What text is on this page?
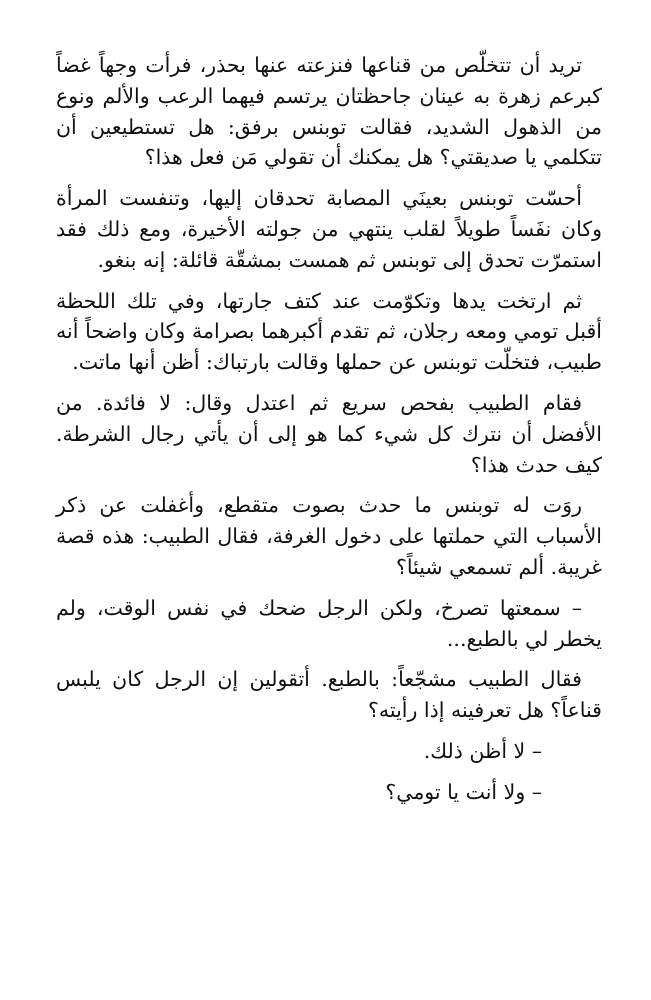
تريد أن تتخلّص من قناعها فنزعته عنها بحذر، فرأت وجهاً غضاً كبرعم زهرة به عينان جاحظتان يرتسم فيهما الرعب والألم ونوع من الذهول الشديد، فقالت توبنس برفق: هل تستطيعين أن تتكلمي يا صديقتي؟ هل يمكنك أن تقولي مَن فعل هذا؟

أحسّت توبنس بعينَي المصابة تحدقان إليها، وتنفست المرأة وكان نفَساً طويلاً لقلب ينتهي من جولته الأخيرة، ومع ذلك فقد استمرّت تحدق إلى توبنس ثم همست بمشقّة قائلة: إنه بنغو.

ثم ارتخت يدها وتكوّمت عند كتف جارتها، وفي تلك اللحظة أقبل تومي ومعه رجلان، ثم تقدم أكبرهما بصرامة وكان واضحاً أنه طبيب، فتخلّت توبنس عن حملها وقالت بارتباك: أظن أنها ماتت.

فقام الطبيب بفحص سريع ثم اعتدل وقال: لا فائدة. من الأفضل أن نترك كل شيء كما هو إلى أن يأتي رجال الشرطة. كيف حدث هذا؟

روَت له توبنس ما حدث بصوت متقطع، وأغفلت عن ذكر الأسباب التي حملتها على دخول الغرفة، فقال الطبيب: هذه قصة غريبة. ألم تسمعي شيئاً؟

– سمعتها تصرخ، ولكن الرجل ضحك في نفس الوقت، ولم يخطر لي بالطبع...

فقال الطبيب مشجّعاً: بالطبع. أتقولين إن الرجل كان يلبس قناعاً؟ هل تعرفينه إذا رأيته؟

– لا أظن ذلك.

– ولا أنت يا تومي؟
